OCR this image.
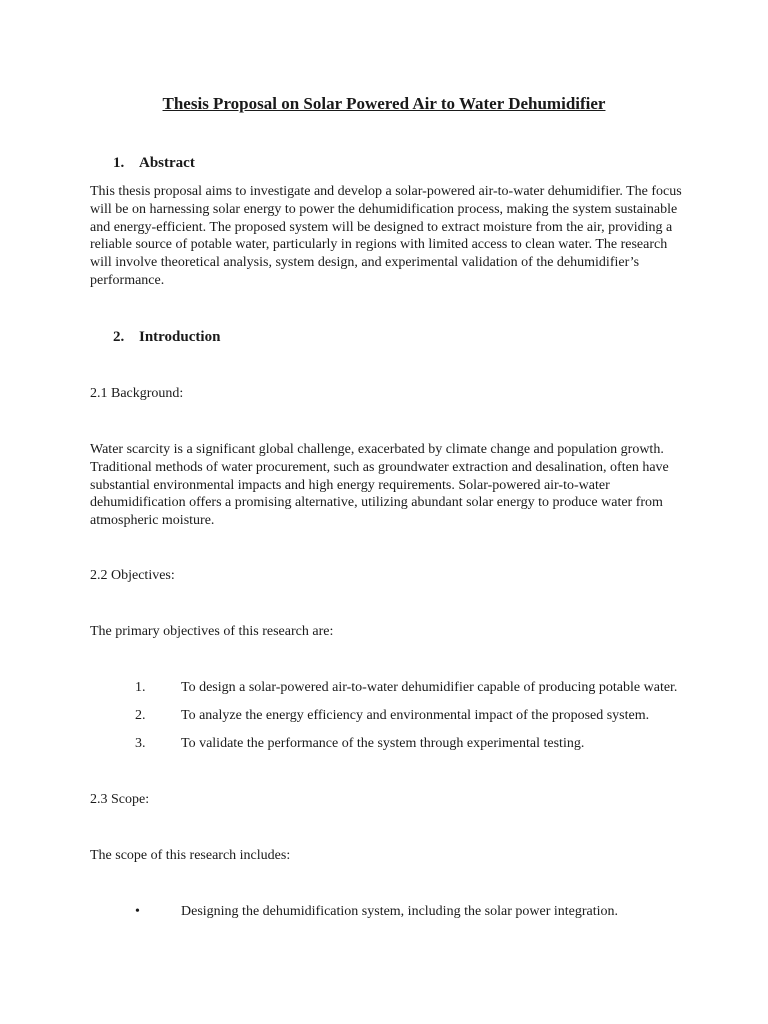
Thesis Proposal on Solar Powered Air to Water Dehumidifier
1. Abstract
This thesis proposal aims to investigate and develop a solar-powered air-to-water dehumidifier. The focus will be on harnessing solar energy to power the dehumidification process, making the system sustainable and energy-efficient. The proposed system will be designed to extract moisture from the air, providing a reliable source of potable water, particularly in regions with limited access to clean water. The research will involve theoretical analysis, system design, and experimental validation of the dehumidifier’s performance.
2. Introduction
2.1 Background:
Water scarcity is a significant global challenge, exacerbated by climate change and population growth. Traditional methods of water procurement, such as groundwater extraction and desalination, often have substantial environmental impacts and high energy requirements. Solar-powered air-to-water dehumidification offers a promising alternative, utilizing abundant solar energy to produce water from atmospheric moisture.
2.2 Objectives:
The primary objectives of this research are:
1.	To design a solar-powered air-to-water dehumidifier capable of producing potable water.
2.	To analyze the energy efficiency and environmental impact of the proposed system.
3.	To validate the performance of the system through experimental testing.
2.3 Scope:
The scope of this research includes:
•	Designing the dehumidification system, including the solar power integration.
